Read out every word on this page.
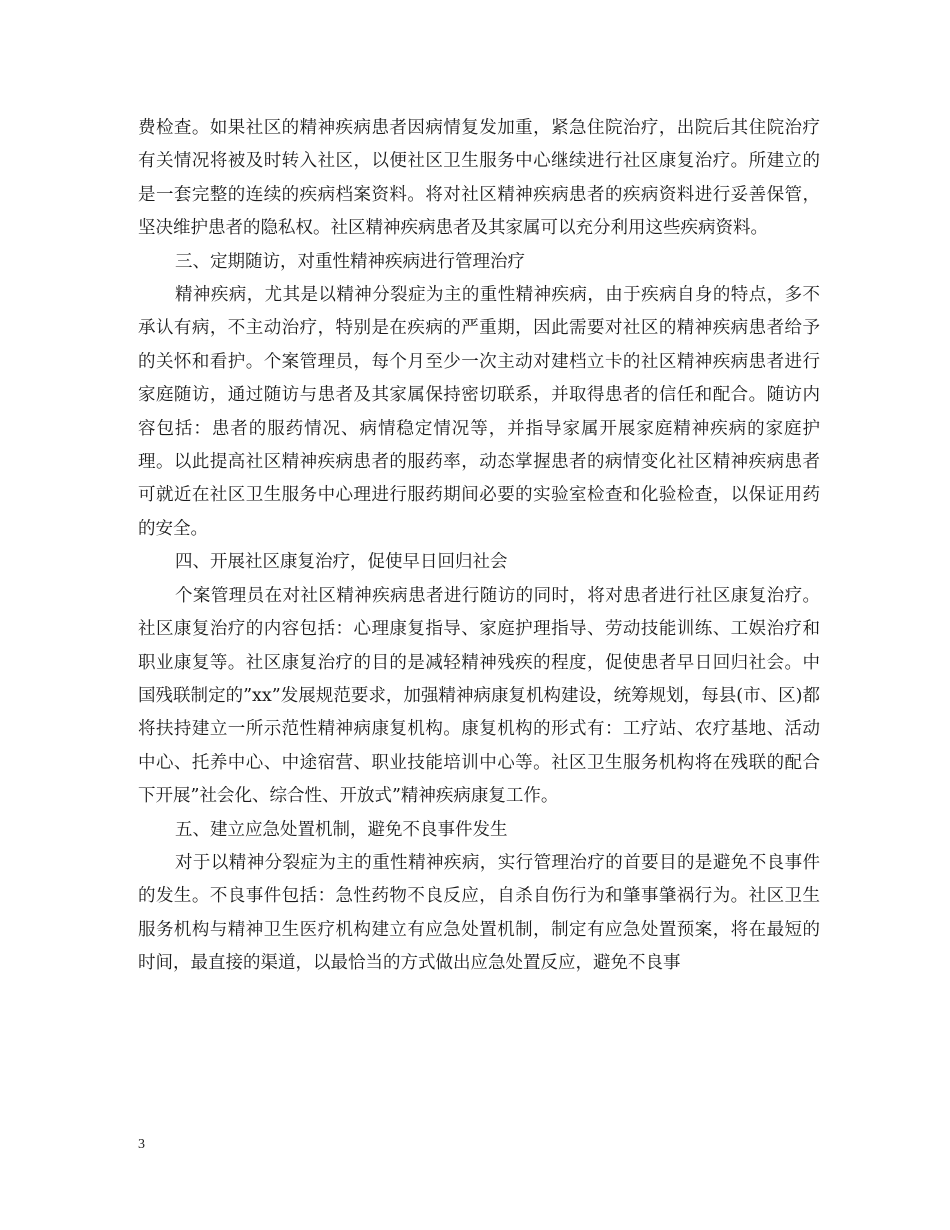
费检查。如果社区的精神疾病患者因病情复发加重，紧急住院治疗，出院后其住院治疗有关情况将被及时转入社区，以便社区卫生服务中心继续进行社区康复治疗。所建立的是一套完整的连续的疾病档案资料。将对社区精神疾病患者的疾病资料进行妥善保管，坚决维护患者的隐私权。社区精神疾病患者及其家属可以充分利用这些疾病资料。

三、定期随访，对重性精神疾病进行管理治疗

精神疾病，尤其是以精神分裂症为主的重性精神疾病，由于疾病自身的特点，多不承认有病，不主动治疗，特别是在疾病的严重期，因此需要对社区的精神疾病患者给予的关怀和看护。个案管理员，每个月至少一次主动对建档立卡的社区精神疾病患者进行家庭随访，通过随访与患者及其家属保持密切联系，并取得患者的信任和配合。随访内容包括：患者的服药情况、病情稳定情况等，并指导家属开展家庭精神疾病的家庭护理。以此提高社区精神疾病患者的服药率，动态掌握患者的病情变化社区精神疾病患者可就近在社区卫生服务中心理进行服药期间必要的实验室检查和化验检查，以保证用药的安全。

四、开展社区康复治疗，促使早日回归社会

个案管理员在对社区精神疾病患者进行随访的同时，将对患者进行社区康复治疗。社区康复治疗的内容包括：心理康复指导、家庭护理指导、劳动技能训练、工娱治疗和职业康复等。社区康复治疗的目的是减轻精神残疾的程度，促使患者早日回归社会。中国残联制定的”xx”发展规范要求，加强精神病康复机构建设，统筹规划，每县(市、区)都将扶持建立一所示范性精神病康复机构。康复机构的形式有：工疗站、农疗基地、活动中心、托养中心、中途宿营、职业技能培训中心等。社区卫生服务机构将在残联的配合下开展”社会化、综合性、开放式”精神疾病康复工作。

五、建立应急处置机制，避免不良事件发生

对于以精神分裂症为主的重性精神疾病，实行管理治疗的首要目的是避免不良事件的发生。不良事件包括：急性药物不良反应，自杀自伤行为和肇事肇祸行为。社区卫生服务机构与精神卫生医疗机构建立有应急处置机制，制定有应急处置预案，将在最短的时间，最直接的渠道，以最恰当的方式做出应急处置反应，避免不良事

3
